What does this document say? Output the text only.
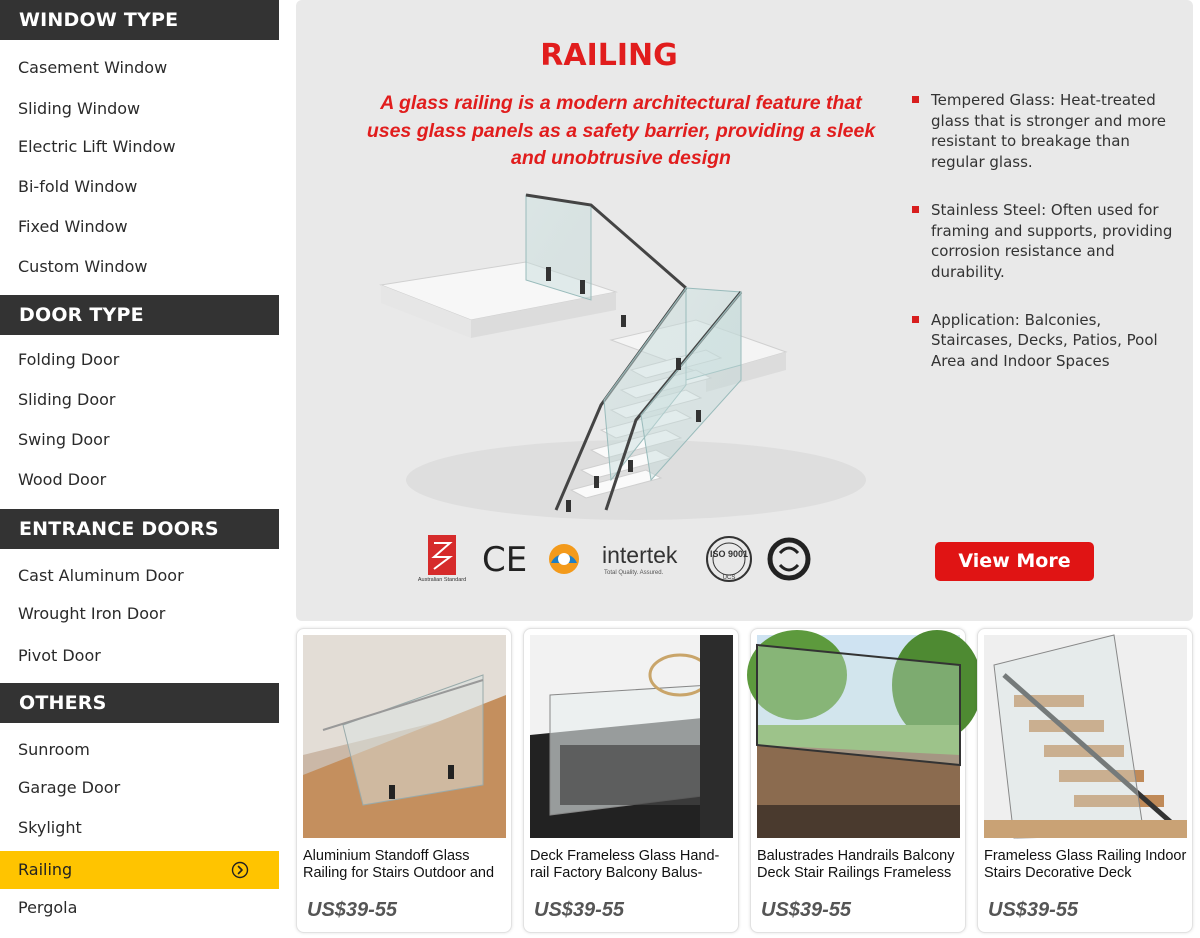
WINDOW TYPE
Casement Window
Sliding Window
Electric Lift Window
Bi-fold Window
Fixed Window
Custom Window
DOOR TYPE
Folding Door
Sliding Door
Swing Door
Wood Door
ENTRANCE DOORS
Cast Aluminum Door
Wrought Iron Door
Pivot Door
OTHERS
Sunroom
Garage Door
Skylight
Railing
Pergola
RAILING

A glass railing is a modern architectural feature that uses glass panels as a safety barrier, providing a sleek and unobtrusive design

Tempered Glass: Heat-treated glass that is stronger and more resistant to breakage than regular glass.
Stainless Steel: Often used for framing and supports, providing corrosion resistance and durability.
Application: Balconies, Staircases, Decks, Patios, Pool Area and Indoor Spaces
Australian Standard CE	intertek
Total Quality. Assured.
ISO 9001
UCS
View More
Aluminium Standoff Glass Railing for Stairs Outdoor and
US$39-55
Deck Frameless Glass Hand-rail Factory Balcony Balus-
US$39-55
Balustrades Handrails Balcony Deck Stair Railings Frameless
US$39-55
Frameless Glass Railing Indoor Stairs Decorative Deck
US$39-55
